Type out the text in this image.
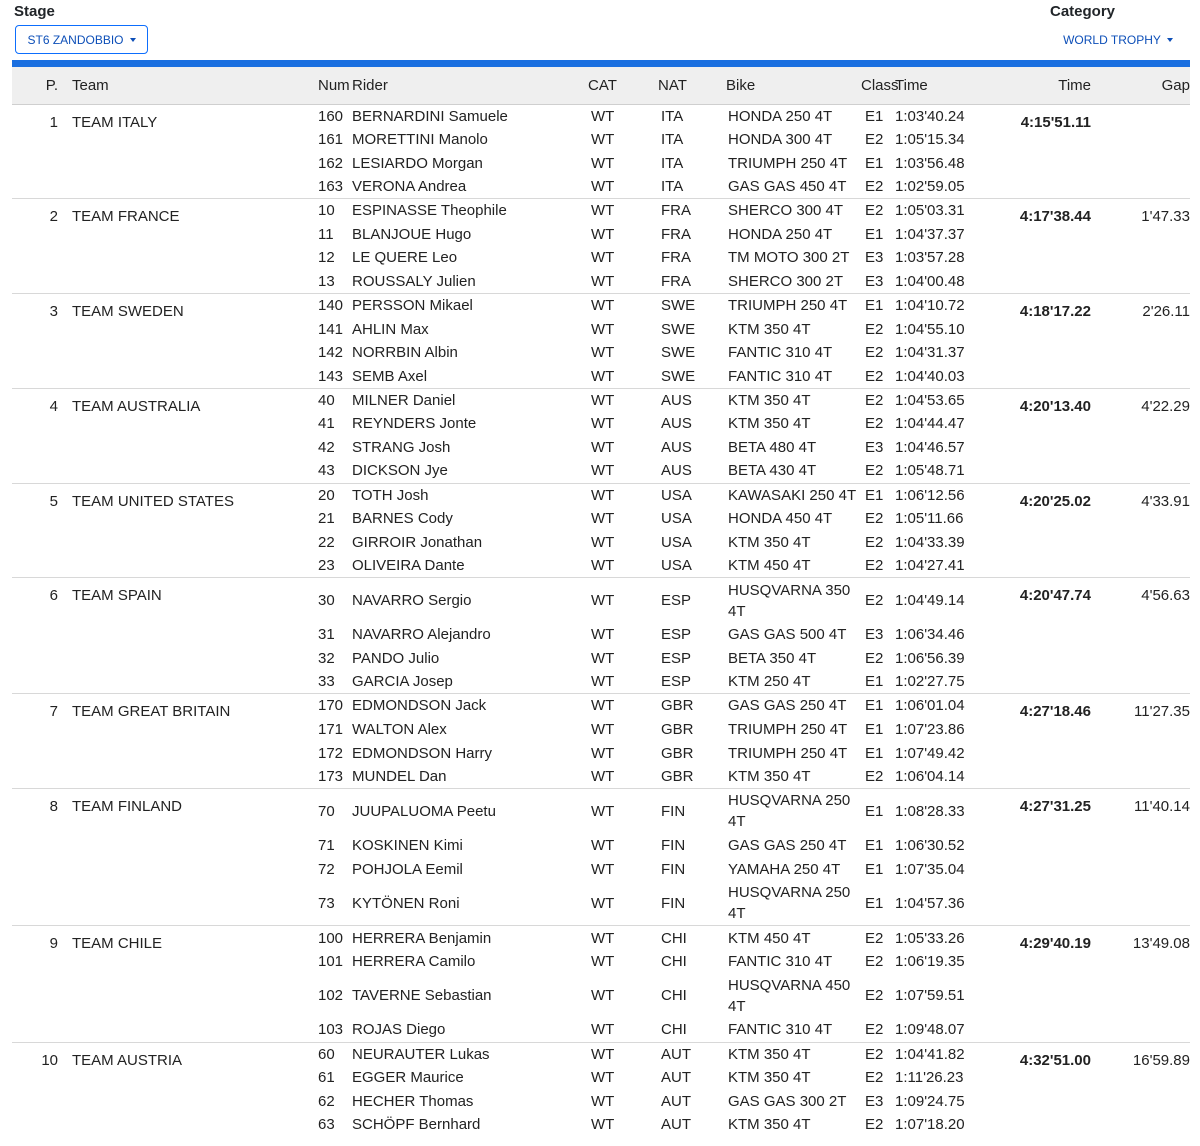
Stage
ST6 ZANDOBBIO
Category
WORLD TROPHY
P.	Team	Num	Rider	CAT	NAT	Bike	Class	Time	Time	Gap
1	TEAM ITALY	160	BERNARDINI Samuele	WT	ITA	HONDA 250 4T	E1	1:03'40.24	4:15'51.11	
		161	MORETTINI Manolo	WT	ITA	HONDA 300 4T	E2	1:05'15.34		
		162	LESIARDO Morgan	WT	ITA	TRIUMPH 250 4T	E1	1:03'56.48		
		163	VERONA Andrea	WT	ITA	GAS GAS 450 4T	E2	1:02'59.05		
2	TEAM FRANCE	10	ESPINASSE Theophile	WT	FRA	SHERCO 300 4T	E2	1:05'03.31	4:17'38.44	1'47.33
		11	BLANJOUE Hugo	WT	FRA	HONDA 250 4T	E1	1:04'37.37		
		12	LE QUERE Leo	WT	FRA	TM MOTO 300 2T	E3	1:03'57.28		
		13	ROUSSALY Julien	WT	FRA	SHERCO 300 2T	E3	1:04'00.48		
3	TEAM SWEDEN	140	PERSSON Mikael	WT	SWE	TRIUMPH 250 4T	E1	1:04'10.72	4:18'17.22	2'26.11
		141	AHLIN Max	WT	SWE	KTM 350 4T	E2	1:04'55.10		
		142	NORRBIN Albin	WT	SWE	FANTIC 310 4T	E2	1:04'31.37		
		143	SEMB Axel	WT	SWE	FANTIC 310 4T	E2	1:04'40.03		
4	TEAM AUSTRALIA	40	MILNER Daniel	WT	AUS	KTM 350 4T	E2	1:04'53.65	4:20'13.40	4'22.29
		41	REYNDERS Jonte	WT	AUS	KTM 350 4T	E2	1:04'44.47		
		42	STRANG Josh	WT	AUS	BETA 480 4T	E3	1:04'46.57		
		43	DICKSON Jye	WT	AUS	BETA 430 4T	E2	1:05'48.71		
5	TEAM UNITED STATES	20	TOTH Josh	WT	USA	KAWASAKI 250 4T	E1	1:06'12.56	4:20'25.02	4'33.91
		21	BARNES Cody	WT	USA	HONDA 450 4T	E2	1:05'11.66		
		22	GIRROIR Jonathan	WT	USA	KTM 350 4T	E2	1:04'33.39		
		23	OLIVEIRA Dante	WT	USA	KTM 450 4T	E2	1:04'27.41		
6	TEAM SPAIN	30	NAVARRO Sergio	WT	ESP	HUSQVARNA 350 4T	E2	1:04'49.14	4:20'47.74	4'56.63
		31	NAVARRO Alejandro	WT	ESP	GAS GAS 500 4T	E3	1:06'34.46		
		32	PANDO Julio	WT	ESP	BETA 350 4T	E2	1:06'56.39		
		33	GARCIA Josep	WT	ESP	KTM 250 4T	E1	1:02'27.75		
7	TEAM GREAT BRITAIN	170	EDMONDSON Jack	WT	GBR	GAS GAS 250 4T	E1	1:06'01.04	4:27'18.46	11'27.35
		171	WALTON Alex	WT	GBR	TRIUMPH 250 4T	E1	1:07'23.86		
		172	EDMONDSON Harry	WT	GBR	TRIUMPH 250 4T	E1	1:07'49.42		
		173	MUNDEL Dan	WT	GBR	KTM 350 4T	E2	1:06'04.14		
8	TEAM FINLAND	70	JUUPALUOMA Peetu	WT	FIN	HUSQVARNA 250 4T	E1	1:08'28.33	4:27'31.25	11'40.14
		71	KOSKINEN Kimi	WT	FIN	GAS GAS 250 4T	E1	1:06'30.52		
		72	POHJOLA Eemil	WT	FIN	YAMAHA 250 4T	E1	1:07'35.04		
		73	KYTÖNEN Roni	WT	FIN	HUSQVARNA 250 4T	E1	1:04'57.36		
9	TEAM CHILE	100	HERRERA Benjamin	WT	CHI	KTM 450 4T	E2	1:05'33.26	4:29'40.19	13'49.08
		101	HERRERA Camilo	WT	CHI	FANTIC 310 4T	E2	1:06'19.35		
		102	TAVERNE Sebastian	WT	CHI	HUSQVARNA 450 4T	E2	1:07'59.51		
		103	ROJAS Diego	WT	CHI	FANTIC 310 4T	E2	1:09'48.07		
10	TEAM AUSTRIA	60	NEURAUTER Lukas	WT	AUT	KTM 350 4T	E2	1:04'41.82	4:32'51.00	16'59.89
		61	EGGER Maurice	WT	AUT	KTM 350 4T	E2	1:11'26.23		
		62	HECHER Thomas	WT	AUT	GAS GAS 300 2T	E3	1:09'24.75		
		63	SCHÖPF Bernhard	WT	AUT	KTM 350 4T	E2	1:07'18.20		
